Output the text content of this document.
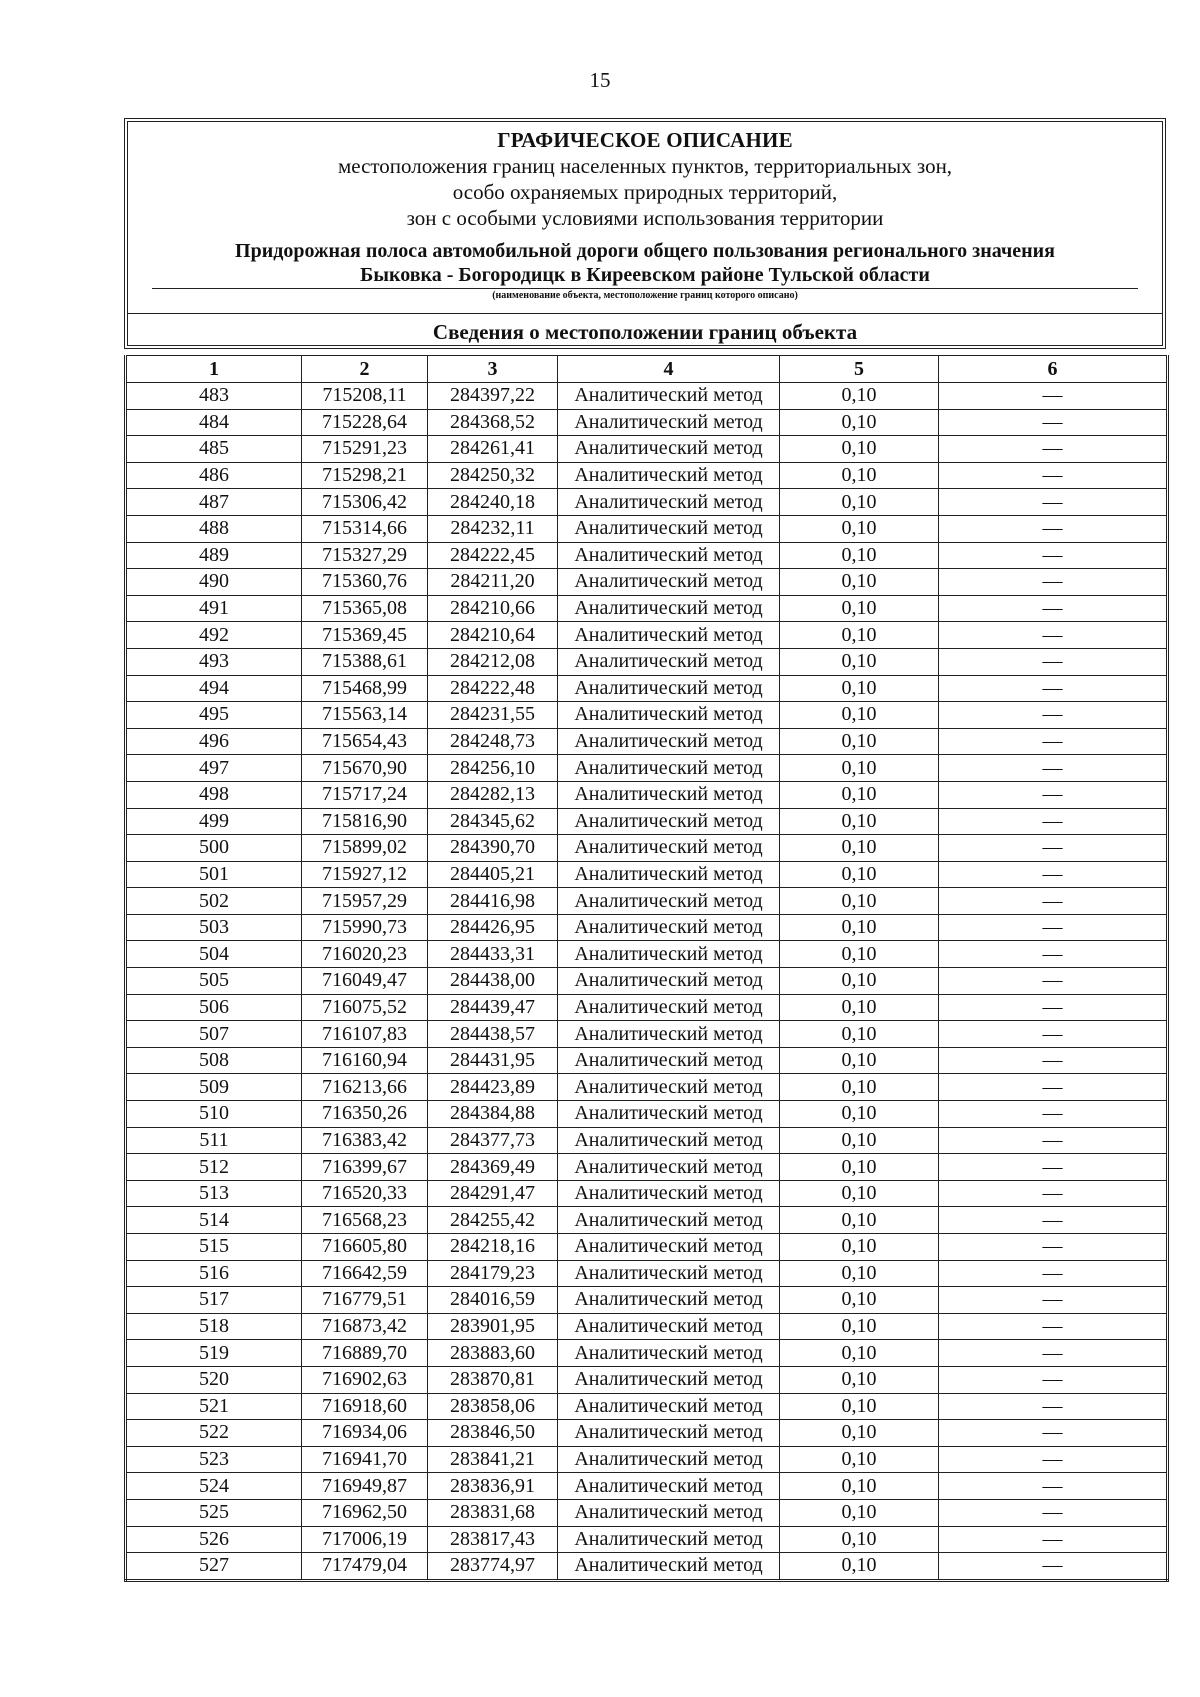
15
ГРАФИЧЕСКОЕ ОПИСАНИЕ
местоположения границ населенных пунктов, территориальных зон,
особо охраняемых природных территорий,
зон с особыми условиями использования территории
Придорожная полоса автомобильной дороги общего пользования регионального значения
Быковка - Богородицк в Киреевском районе Тульской области
(наименование объекта, местоположение границ которого описано)
Сведения о местоположении границ объекта
1	2	3	4	5	6
483	715208,11	284397,22	Аналитический метод	0,10	—
484	715228,64	284368,52	Аналитический метод	0,10	—
485	715291,23	284261,41	Аналитический метод	0,10	—
486	715298,21	284250,32	Аналитический метод	0,10	—
487	715306,42	284240,18	Аналитический метод	0,10	—
488	715314,66	284232,11	Аналитический метод	0,10	—
489	715327,29	284222,45	Аналитический метод	0,10	—
490	715360,76	284211,20	Аналитический метод	0,10	—
491	715365,08	284210,66	Аналитический метод	0,10	—
492	715369,45	284210,64	Аналитический метод	0,10	—
493	715388,61	284212,08	Аналитический метод	0,10	—
494	715468,99	284222,48	Аналитический метод	0,10	—
495	715563,14	284231,55	Аналитический метод	0,10	—
496	715654,43	284248,73	Аналитический метод	0,10	—
497	715670,90	284256,10	Аналитический метод	0,10	—
498	715717,24	284282,13	Аналитический метод	0,10	—
499	715816,90	284345,62	Аналитический метод	0,10	—
500	715899,02	284390,70	Аналитический метод	0,10	—
501	715927,12	284405,21	Аналитический метод	0,10	—
502	715957,29	284416,98	Аналитический метод	0,10	—
503	715990,73	284426,95	Аналитический метод	0,10	—
504	716020,23	284433,31	Аналитический метод	0,10	—
505	716049,47	284438,00	Аналитический метод	0,10	—
506	716075,52	284439,47	Аналитический метод	0,10	—
507	716107,83	284438,57	Аналитический метод	0,10	—
508	716160,94	284431,95	Аналитический метод	0,10	—
509	716213,66	284423,89	Аналитический метод	0,10	—
510	716350,26	284384,88	Аналитический метод	0,10	—
511	716383,42	284377,73	Аналитический метод	0,10	—
512	716399,67	284369,49	Аналитический метод	0,10	—
513	716520,33	284291,47	Аналитический метод	0,10	—
514	716568,23	284255,42	Аналитический метод	0,10	—
515	716605,80	284218,16	Аналитический метод	0,10	—
516	716642,59	284179,23	Аналитический метод	0,10	—
517	716779,51	284016,59	Аналитический метод	0,10	—
518	716873,42	283901,95	Аналитический метод	0,10	—
519	716889,70	283883,60	Аналитический метод	0,10	—
520	716902,63	283870,81	Аналитический метод	0,10	—
521	716918,60	283858,06	Аналитический метод	0,10	—
522	716934,06	283846,50	Аналитический метод	0,10	—
523	716941,70	283841,21	Аналитический метод	0,10	—
524	716949,87	283836,91	Аналитический метод	0,10	—
525	716962,50	283831,68	Аналитический метод	0,10	—
526	717006,19	283817,43	Аналитический метод	0,10	—
527	717479,04	283774,97	Аналитический метод	0,10	—
